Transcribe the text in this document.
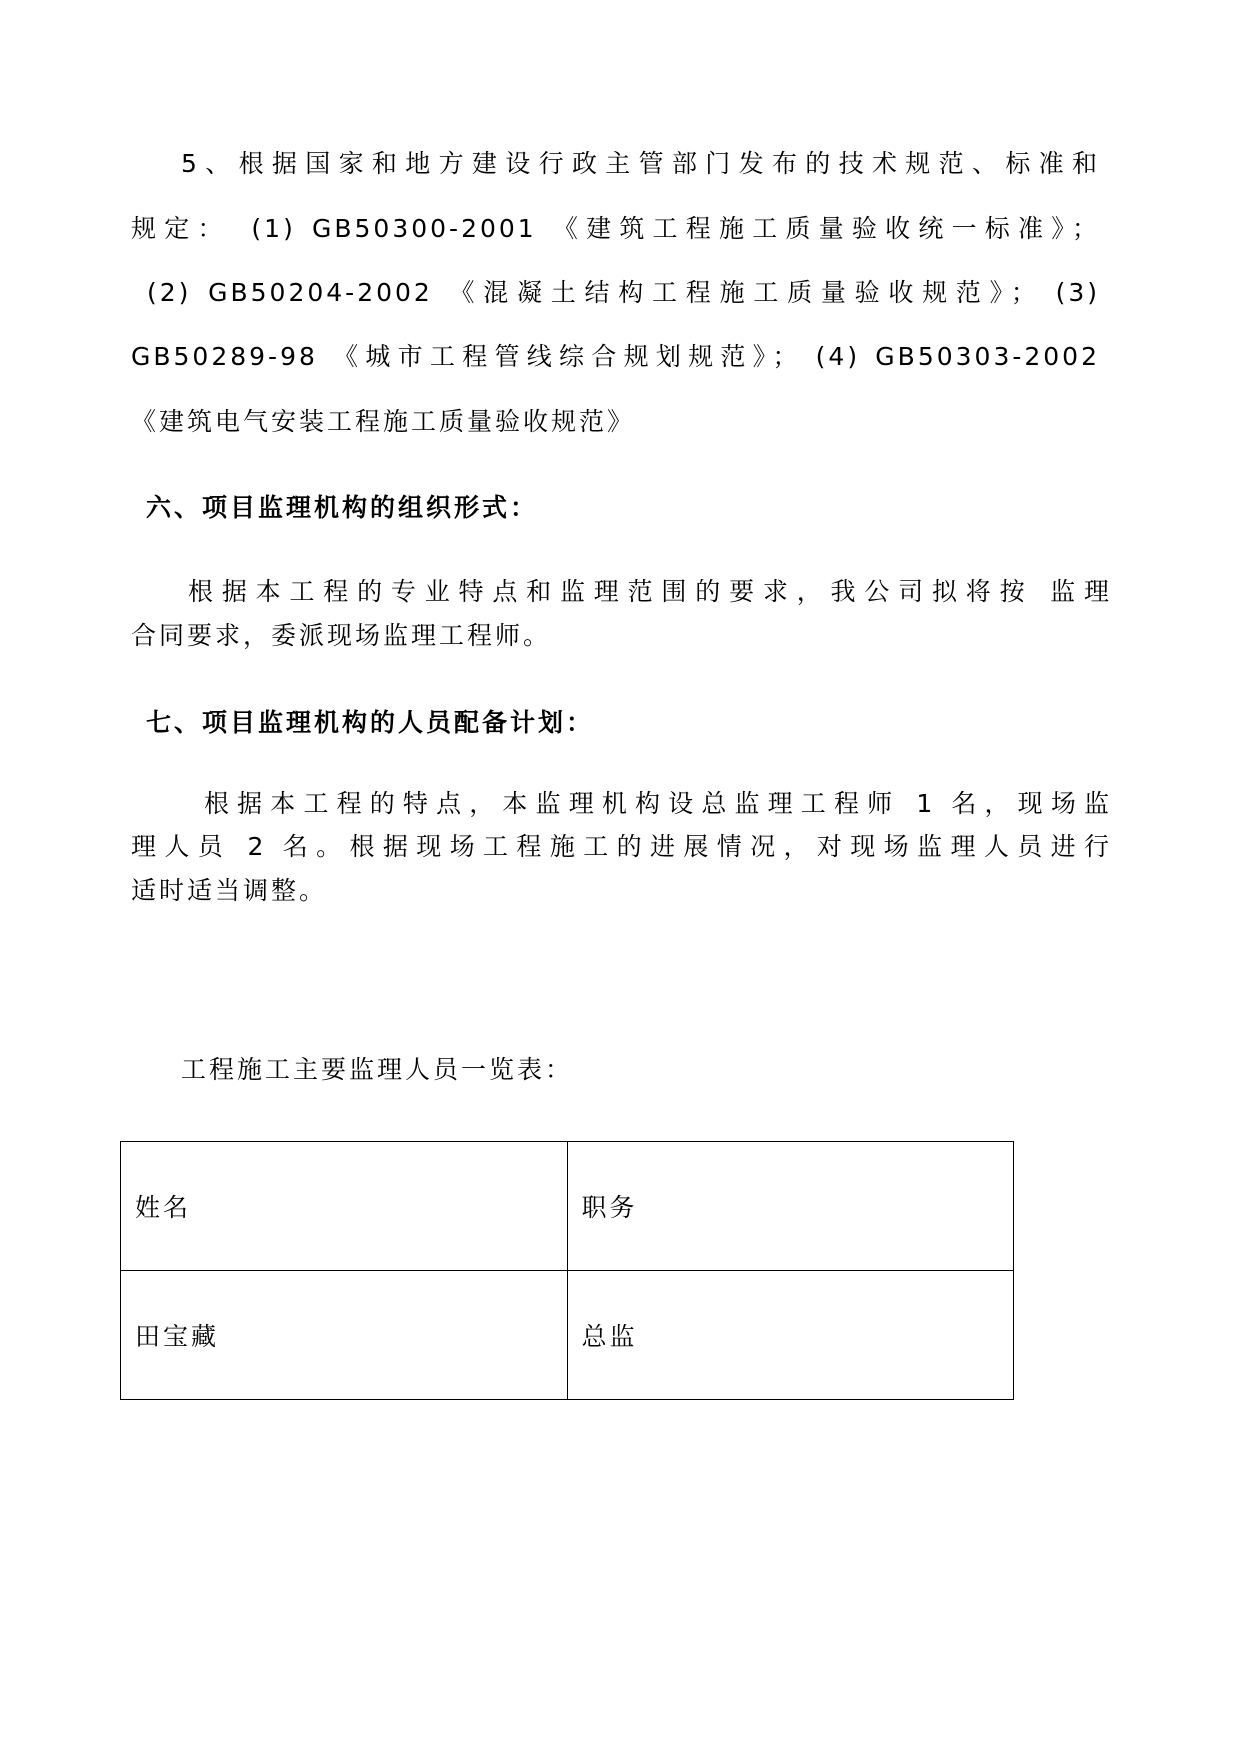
5、根据国家和地方建设行政主管部门发布的技术规范、标准和
规定：　(1) GB50300-2001 《建筑工程施工质量验收统一标准》；
(2) GB50204-2002 《混凝土结构工程施工质量验收规范》； (3)
GB50289-98 《城市工程管线综合规划规范》； (4) GB50303-2002
《建筑电气安装工程施工质量验收规范》
六、项目监理机构的组织形式：
根据本工程的专业特点和监理范围的要求，我公司拟将按 监理
合同要求，委派现场监理工程师。
七、项目监理机构的人员配备计划：
根据本工程的特点，本监理机构设总监理工程师 1 名，现场监
理人员 2 名。根据现场工程施工的进展情况，对现场监理人员进行
适时适当调整。
工程施工主要监理人员一览表：
姓名	职务
田宝藏	总监
